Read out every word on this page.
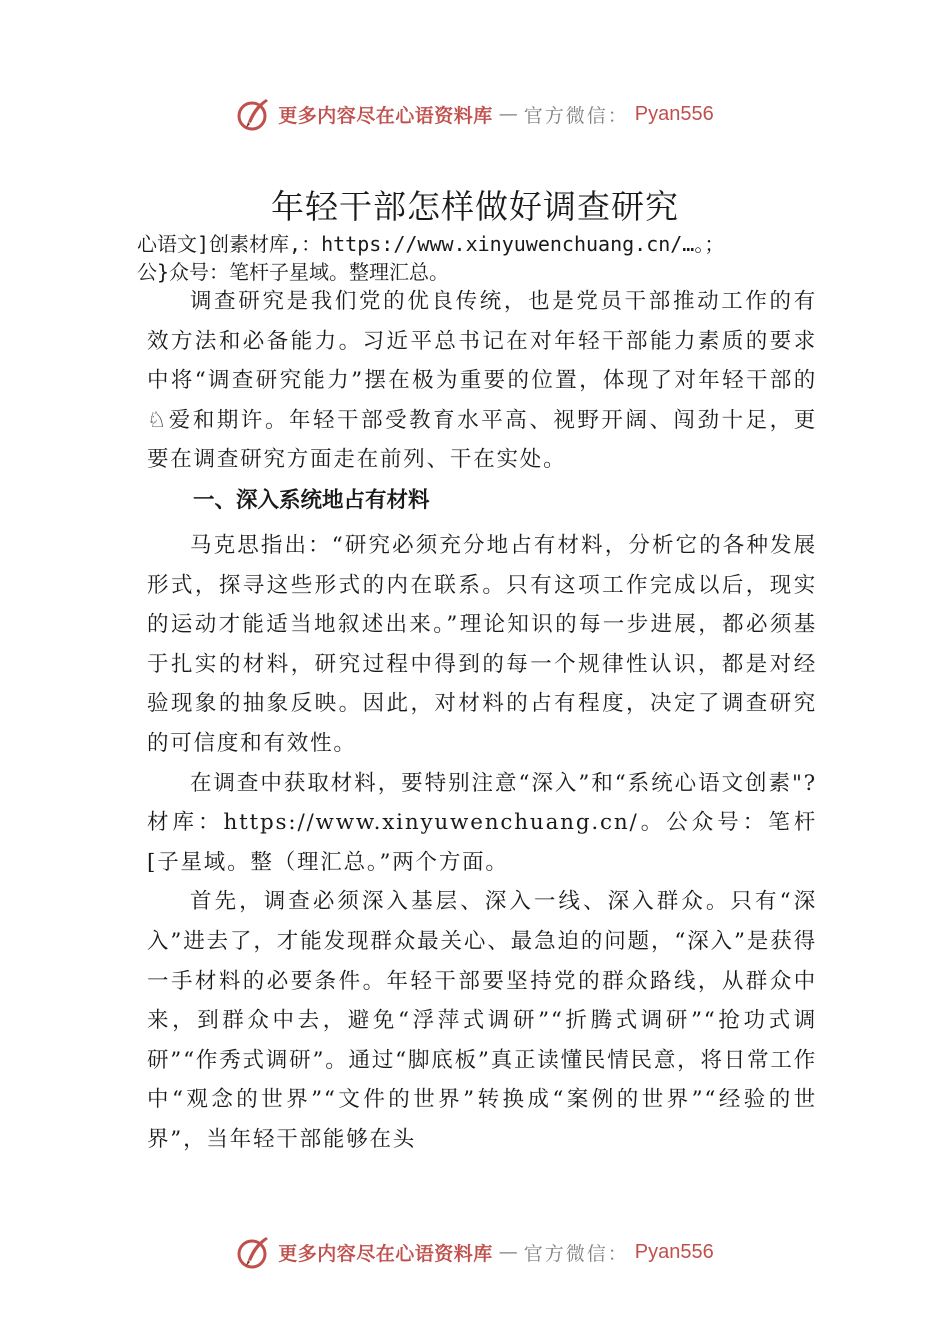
更多内容尽在心语资料库 — 官方微信： Pyan556
年轻干部怎样做好调查研究
心语文]创素材库,：https://www.xinyuwenchuang.cn/…。；
公}众号：笔杆子星域。整理汇总。

调查研究是我们党的优良传统，也是党员干部推动工作的有效方法和必备能力。习近平总书记在对年轻干部能力素质的要求中将“调查研究能力”摆在极为重要的位置，体现了对年轻干部的♘爱和期许。年轻干部受教育水平高、视野开阔、闯劲十足，更要在调查研究方面走在前列、干在实处。

一、深入系统地占有材料

马克思指出：“研究必须充分地占有材料，分析它的各种发展形式，探寻这些形式的内在联系。只有这项工作完成以后，现实的运动才能适当地叙述出来。”理论知识的每一步进展，都必须基于扎实的材料，研究过程中得到的每一个规律性认识，都是对经验现象的抽象反映。因此，对材料的占有程度，决定了调查研究的可信度和有效性。

在调查中获取材料，要特别注意“深入”和“系统心语文创素"?材库：https://www.xinyuwenchuang.cn/。公众号：笔杆[子星域。整（理汇总。”两个方面。

首先，调查必须深入基层、深入一线、深入群众。只有“深入”进去了，才能发现群众最关心、最急迫的问题，“深入”是获得一手材料的必要条件。年轻干部要坚持党的群众路线，从群众中来，到群众中去，避免“浮萍式调研”“折腾式调研”“抢功式调研”“作秀式调研”。通过“脚底板”真正读懂民情民意，将日常工作中“观念的世界”“文件的世界”转换成“案例的世界”“经验的世界”，当年轻干部能够在头

更多内容尽在心语资料库 — 官方微信： Pyan556
